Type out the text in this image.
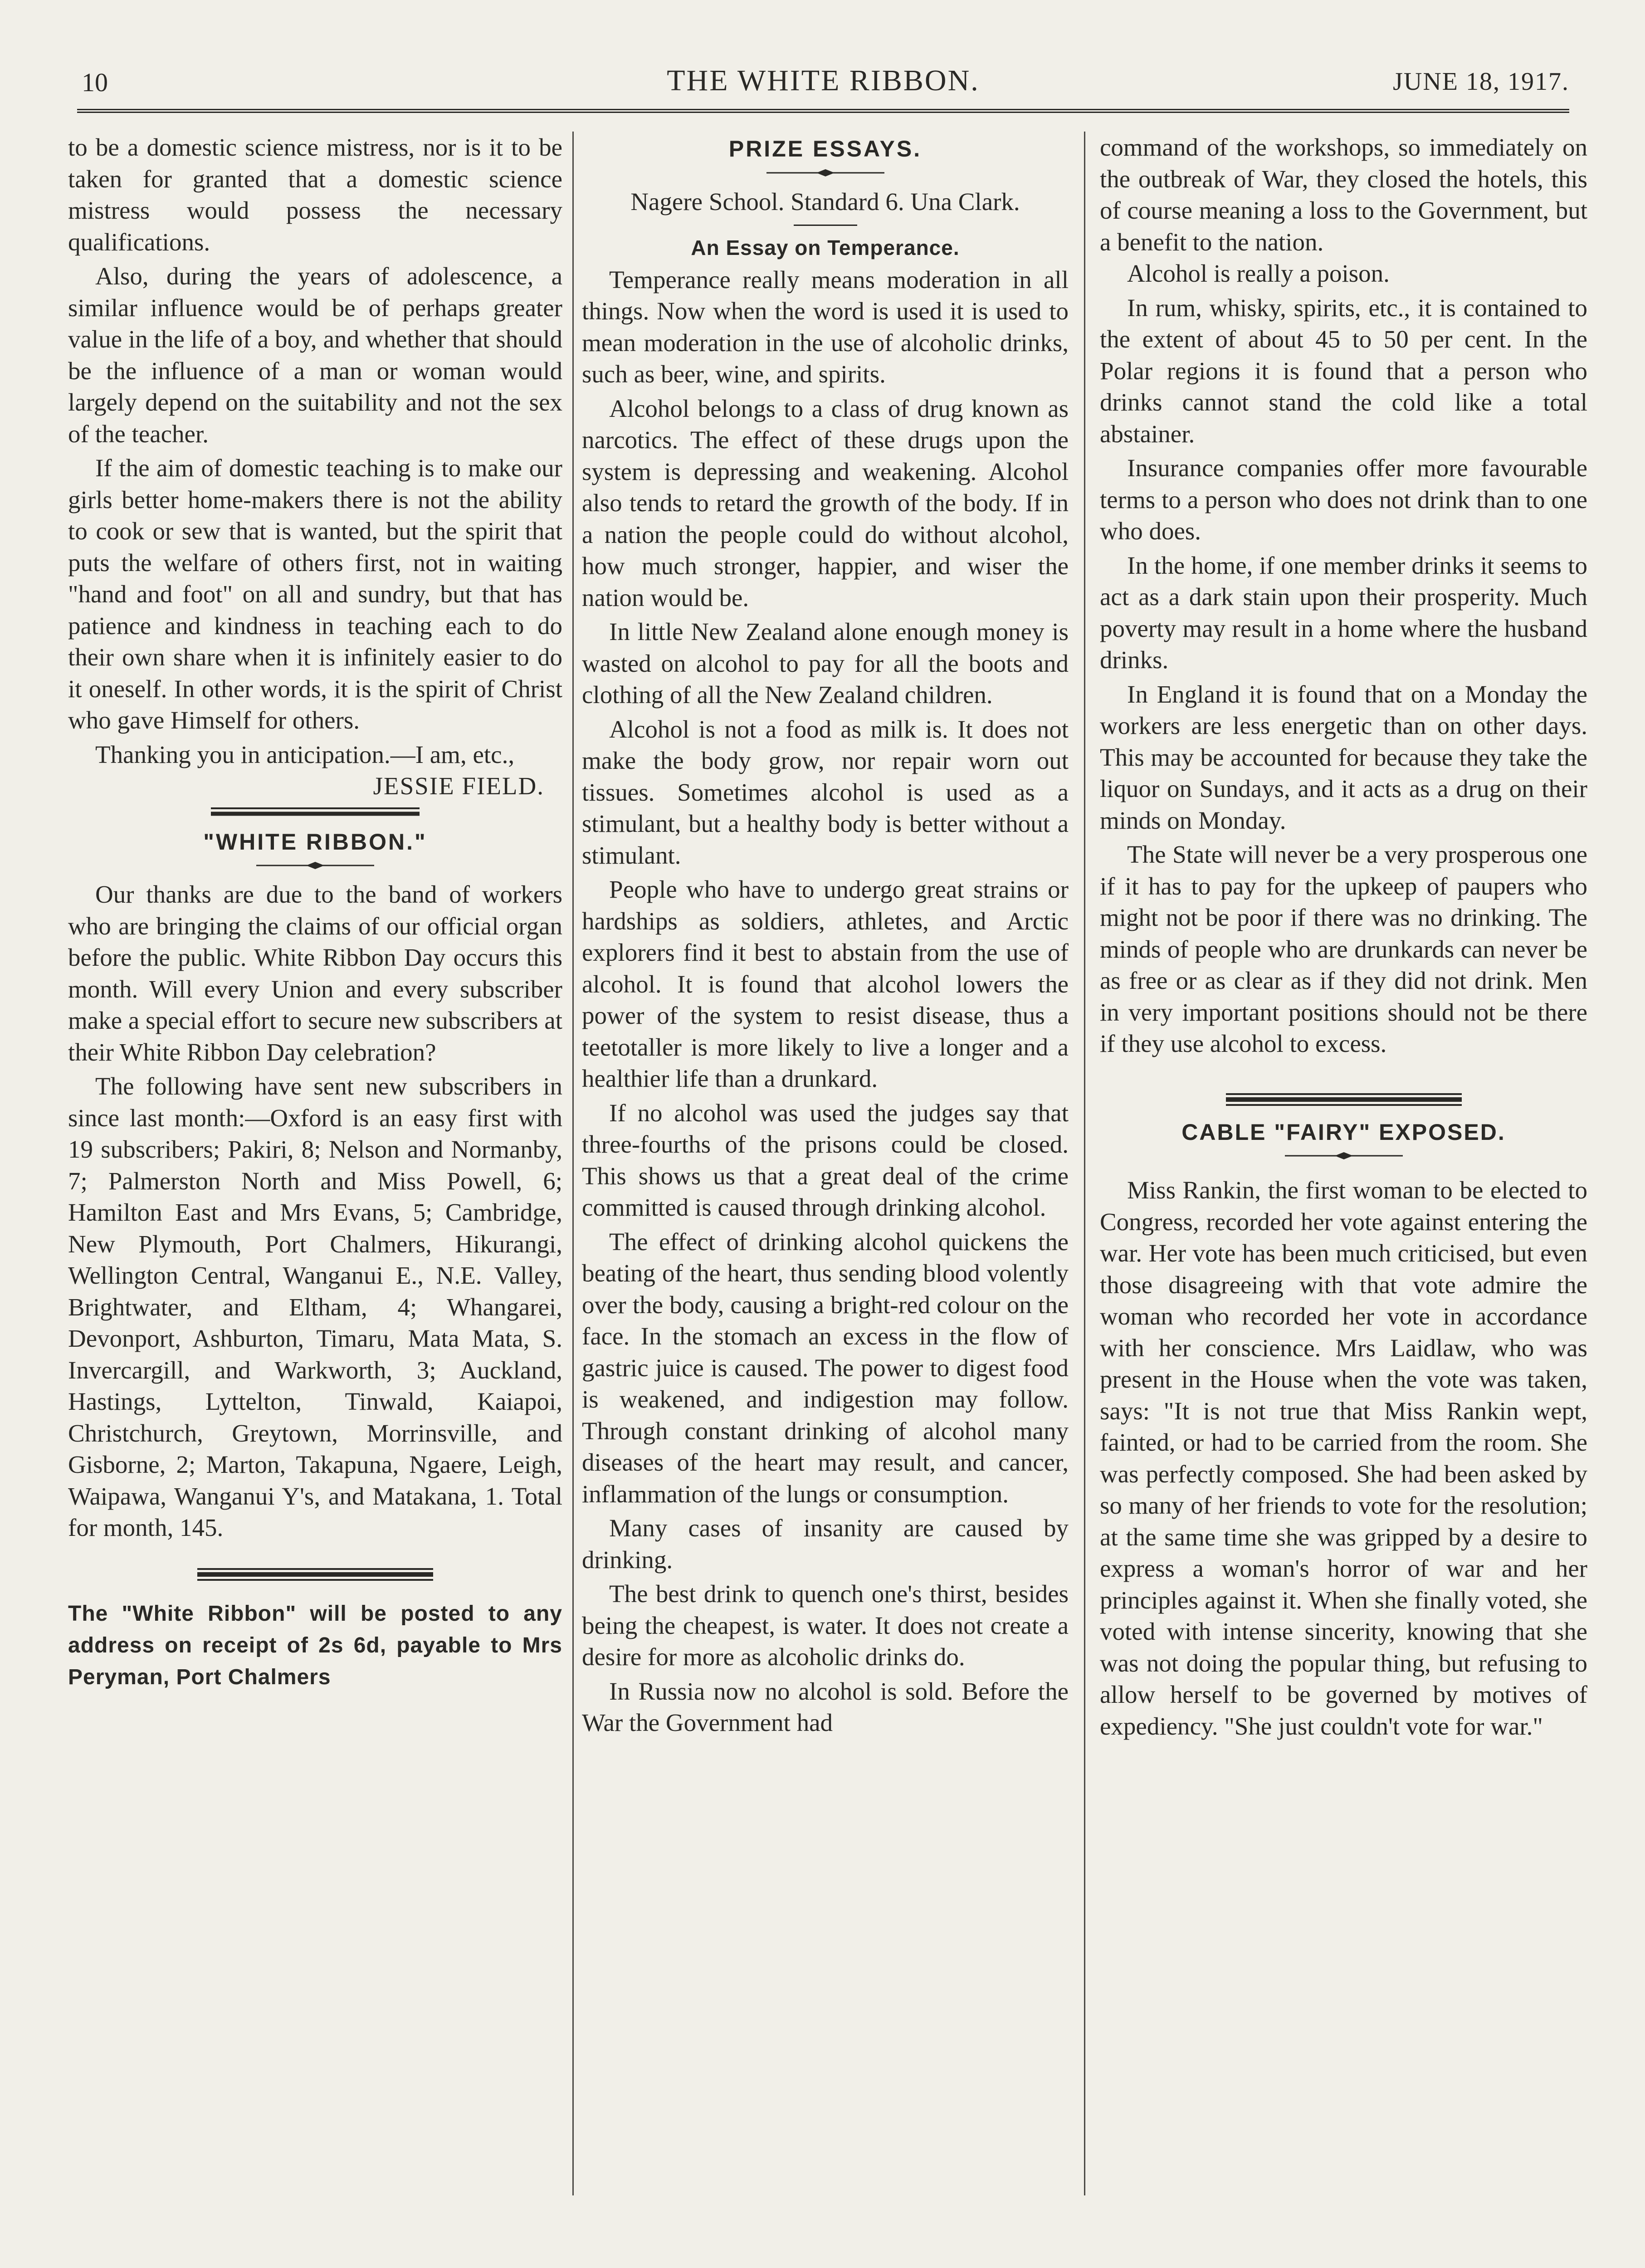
10	THE WHITE RIBBON.	JUNE 18, 1917.

to be a domestic science mistress, nor is it to be taken for granted that a domestic science mistress would possess the necessary qualifications.

Also, during the years of adolescence, a similar influence would be of perhaps greater value in the life of a boy, and whether that should be the influence of a man or woman would largely depend on the suitability and not the sex of the teacher.

If the aim of domestic teaching is to make our girls better home-makers there is not the ability to cook or sew that is wanted, but the spirit that puts the welfare of others first, not in waiting "hand and foot" on all and sundry, but that has patience and kindness in teaching each to do their own share when it is infinitely easier to do it oneself. In other words, it is the spirit of Christ who gave Himself for others.

Thanking you in anticipation.—I am, etc.,

JESSIE FIELD.

"WHITE RIBBON."

Our thanks are due to the band of workers who are bringing the claims of our official organ before the public. White Ribbon Day occurs this month. Will every Union and every subscriber make a special effort to secure new subscribers at their White Ribbon Day celebration?

The following have sent new subscribers in since last month:—Oxford is an easy first with 19 subscribers; Pakiri, 8; Nelson and Normanby, 7; Palmerston North and Miss Powell, 6; Hamilton East and Mrs Evans, 5; Cambridge, New Plymouth, Port Chalmers, Hikurangi, Wellington Central, Wanganui E., N.E. Valley, Brightwater, and Eltham, 4; Whangarei, Devonport, Ashburton, Timaru, Mata Mata, S. Invercargill, and Warkworth, 3; Auckland, Hastings, Lyttelton, Tinwald, Kaiapoi, Christchurch, Greytown, Morrinsville, and Gisborne, 2; Marton, Takapuna, Ngaere, Leigh, Waipawa, Wanganui Y's, and Matakana, 1. Total for month, 145.

The "White Ribbon" will be posted to any address on receipt of 2s 6d, payable to Mrs Peryman, Port Chalmers

PRIZE ESSAYS.

Nagere School. Standard 6. Una Clark.

An Essay on Temperance.

Temperance really means moderation in all things. Now when the word is used it is used to mean moderation in the use of alcoholic drinks, such as beer, wine, and spirits.

Alcohol belongs to a class of drug known as narcotics. The effect of these drugs upon the system is depressing and weakening. Alcohol also tends to retard the growth of the body. If in a nation the people could do without alcohol, how much stronger, happier, and wiser the nation would be.

In little New Zealand alone enough money is wasted on alcohol to pay for all the boots and clothing of all the New Zealand children.

Alcohol is not a food as milk is. It does not make the body grow, nor repair worn out tissues. Sometimes alcohol is used as a stimulant, but a healthy body is better without a stimulant.

People who have to undergo great strains or hardships as soldiers, athletes, and Arctic explorers find it best to abstain from the use of alcohol. It is found that alcohol lowers the power of the system to resist disease, thus a teetotaller is more likely to live a longer and a healthier life than a drunkard.

If no alcohol was used the judges say that three-fourths of the prisons could be closed. This shows us that a great deal of the crime committed is caused through drinking alcohol.

The effect of drinking alcohol quickens the beating of the heart, thus sending blood volently over the body, causing a bright-red colour on the face. In the stomach an excess in the flow of gastric juice is caused. The power to digest food is weakened, and indigestion may follow. Through constant drinking of alcohol many diseases of the heart may result, and cancer, inflammation of the lungs or consumption.

Many cases of insanity are caused by drinking.

The best drink to quench one's thirst, besides being the cheapest, is water. It does not create a desire for more as alcoholic drinks do.

In Russia now no alcohol is sold. Before the War the Government had

command of the workshops, so immediately on the outbreak of War, they closed the hotels, this of course meaning a loss to the Government, but a benefit to the nation.

Alcohol is really a poison.

In rum, whisky, spirits, etc., it is contained to the extent of about 45 to 50 per cent. In the Polar regions it is found that a person who drinks cannot stand the cold like a total abstainer.

Insurance companies offer more favourable terms to a person who does not drink than to one who does.

In the home, if one member drinks it seems to act as a dark stain upon their prosperity. Much poverty may result in a home where the husband drinks.

In England it is found that on a Monday the workers are less energetic than on other days. This may be accounted for because they take the liquor on Sundays, and it acts as a drug on their minds on Monday.

The State will never be a very prosperous one if it has to pay for the upkeep of paupers who might not be poor if there was no drinking. The minds of people who are drunkards can never be as free or as clear as if they did not drink. Men in very important positions should not be there if they use alcohol to excess.

CABLE "FAIRY" EXPOSED.

Miss Rankin, the first woman to be elected to Congress, recorded her vote against entering the war. Her vote has been much criticised, but even those disagreeing with that vote admire the woman who recorded her vote in accordance with her conscience. Mrs Laidlaw, who was present in the House when the vote was taken, says: "It is not true that Miss Rankin wept, fainted, or had to be carried from the room. She was perfectly composed. She had been asked by so many of her friends to vote for the resolution; at the same time she was gripped by a desire to express a woman's horror of war and her principles against it. When she finally voted, she voted with intense sincerity, knowing that she was not doing the popular thing, but refusing to allow herself to be governed by motives of expediency. "She just couldn't vote for war."
